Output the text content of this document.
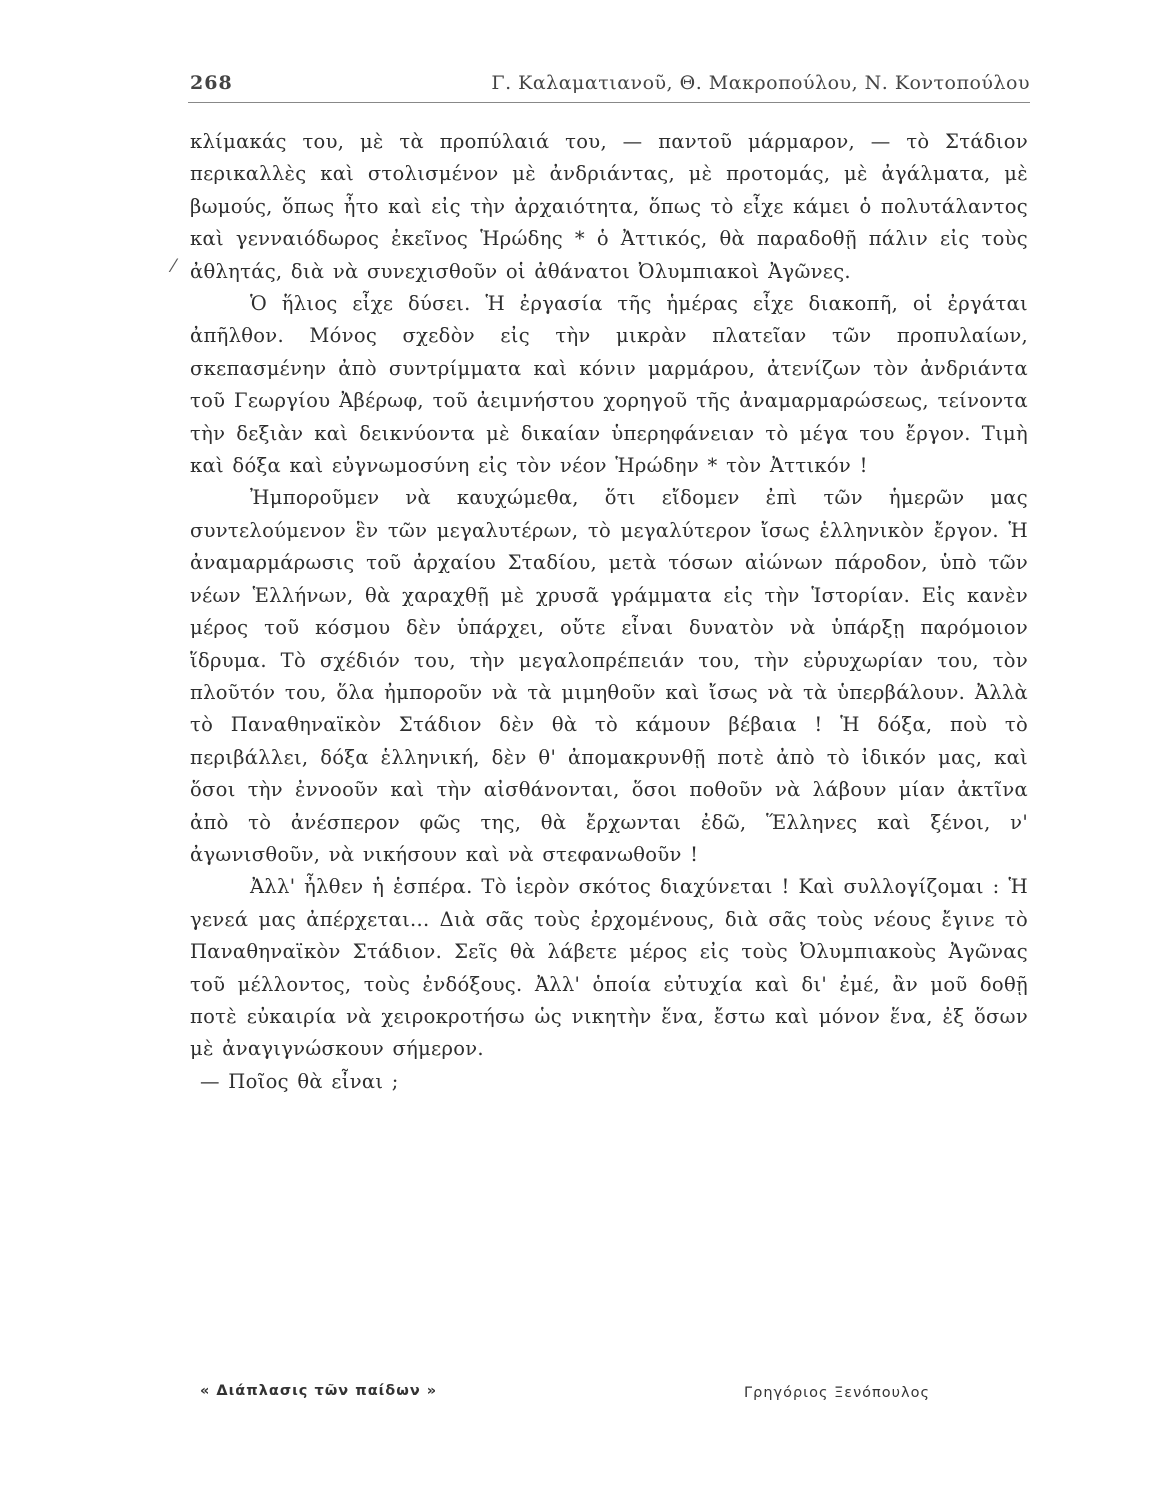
268	Γ. Καλαματιανοῦ, Θ. Μακροπούλου, Ν. Κοντοπούλου
⁄

κλίμακάς του, μὲ τὰ προπύλαιά του, — παντοῦ μάρμαρον, — τὸ Στάδιον περικαλλὲς καὶ στολισμένον μὲ ἀνδριάντας, μὲ προτομάς, μὲ ἀγάλματα, μὲ βωμούς, ὅπως ἦτο καὶ εἰς τὴν ἀρχαιότητα, ὅπως τὸ εἶχε κάμει ὁ πολυτάλαντος καὶ γενναιόδωρος ἐκεῖνος Ἡρώδης * ὁ Ἀττικός, θὰ παραδοθῇ πάλιν εἰς τοὺς ἀθλητάς, διὰ νὰ συνεχισθοῦν οἱ ἀθάνατοι Ὀλυμπιακοὶ Ἀγῶνες.

Ὁ ἥλιος εἶχε δύσει. Ἡ ἐργασία τῆς ἡμέρας εἶχε διακοπῆ, οἱ ἐργάται ἀπῆλθον. Μόνος σχεδὸν εἰς τὴν μικρὰν πλατεῖαν τῶν προπυλαίων, σκεπασμένην ἀπὸ συντρίμματα καὶ κόνιν μαρμάρου, ἀτενίζων τὸν ἀνδριάντα τοῦ Γεωργίου Ἀβέρωφ, τοῦ ἀειμνήστου χορηγοῦ τῆς ἀναμαρμαρώσεως, τείνοντα τὴν δεξιὰν καὶ δεικνύοντα μὲ δικαίαν ὑπερηφάνειαν τὸ μέγα του ἔργον. Τιμὴ καὶ δόξα καὶ εὐγνωμοσύνη εἰς τὸν νέον Ἡρώδην * τὸν Ἀττικόν !

Ἠμποροῦμεν νὰ καυχώμεθα, ὅτι εἴδομεν ἐπὶ τῶν ἡμερῶν μας συντελούμενον ἓν τῶν μεγαλυτέρων, τὸ μεγαλύτερον ἴσως ἑλληνικὸν ἔργον. Ἡ ἀναμαρμάρωσις τοῦ ἀρχαίου Σταδίου, μετὰ τόσων αἰώνων πάροδον, ὑπὸ τῶν νέων Ἑλλήνων, θὰ χαραχθῇ μὲ χρυσᾶ γράμματα εἰς τὴν Ἱστορίαν. Εἰς κανὲν μέρος τοῦ κόσμου δὲν ὑπάρχει, οὔτε εἶναι δυνατὸν νὰ ὑπάρξῃ παρόμοιον ἵδρυμα. Τὸ σχέδιόν του, τὴν μεγαλοπρέπειάν του, τὴν εὐρυχωρίαν του, τὸν πλοῦτόν του, ὅλα ἠμποροῦν νὰ τὰ μιμηθοῦν καὶ ἴσως νὰ τὰ ὑπερβάλουν. Ἀλλὰ τὸ Παναθηναϊκὸν Στάδιον δὲν θὰ τὸ κάμουν βέβαια ! Ἡ δόξα, ποὺ τὸ περιβάλλει, δόξα ἑλληνική, δὲν θ' ἀπομακρυνθῇ ποτὲ ἀπὸ τὸ ἰδικόν μας, καὶ ὅσοι τὴν ἐννοοῦν καὶ τὴν αἰσθάνονται, ὅσοι ποθοῦν νὰ λάβουν μίαν ἀκτῖνα ἀπὸ τὸ ἀνέσπερον φῶς της, θὰ ἔρχωνται ἐδῶ, Ἕλληνες καὶ ξένοι, ν' ἀγωνισθοῦν, νὰ νικήσουν καὶ νὰ στεφανωθοῦν !

Ἀλλ' ἦλθεν ἡ ἑσπέρα. Τὸ ἱερὸν σκότος διαχύνεται ! Καὶ συλλογίζομαι : Ἡ γενεά μας ἀπέρχεται... Διὰ σᾶς τοὺς ἐρχομένους, διὰ σᾶς τοὺς νέους ἔγινε τὸ Παναθηναϊκὸν Στάδιον. Σεῖς θὰ λάβετε μέρος εἰς τοὺς Ὀλυμπιακοὺς Ἀγῶνας τοῦ μέλλοντος, τοὺς ἐνδόξους. Ἀλλ' ὁποία εὐτυχία καὶ δι' ἐμέ, ἂν μοῦ δοθῇ ποτὲ εὐκαιρία νὰ χειροκροτήσω ὡς νικητὴν ἕνα, ἔστω καὶ μόνον ἕνα, ἐξ ὅσων μὲ ἀναγιγνώσκουν σήμερον.

— Ποῖος θὰ εἶναι ;

« Διάπλασις τῶν παίδων »	Γρηγόριος Ξενόπουλος
